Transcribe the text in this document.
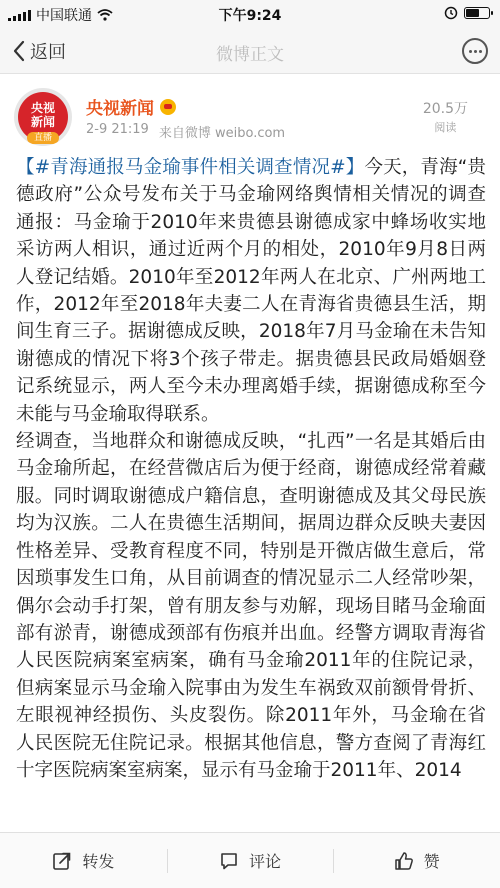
中国联通	下午9:24
返回	微博正文
央视
新闻
直播
央视新闻
2-9 21:19 来自微博 weibo.com
20.5万
阅读

【#青海通报马金瑜事件相关调查情况#】今天，青海“贵德政府”公众号发布关于马金瑜网络舆情相关情况的调查通报：马金瑜于2010年来贵德县谢德成家中蜂场收实地采访两人相识，通过近两个月的相处，2010年9月8日两人登记结婚。2010年至2012年两人在北京、广州两地工作，2012年至2018年夫妻二人在青海省贵德县生活，期间生育三子。据谢德成反映，2018年7月马金瑜在未告知谢德成的情况下将3个孩子带走。据贵德县民政局婚姻登记系统显示，两人至今未办理离婚手续，据谢德成称至今未能与马金瑜取得联系。

经调查，当地群众和谢德成反映，“扎西”一名是其婚后由马金瑜所起，在经营微店后为便于经商，谢德成经常着藏服。同时调取谢德成户籍信息，查明谢德成及其父母民族均为汉族。二人在贵德生活期间，据周边群众反映夫妻因性格差异、受教育程度不同，特别是开微店做生意后，常因琐事发生口角，从目前调查的情况显示二人经常吵架，偶尔会动手打架，曾有朋友参与劝解，现场目睹马金瑜面部有淤青，谢德成颈部有伤痕并出血。经警方调取青海省人民医院病案室病案，确有马金瑜2011年的住院记录，但病案显示马金瑜入院事由为发生车祸致双前额骨骨折、左眼视神经损伤、头皮裂伤。除2011年外，马金瑜在省人民医院无住院记录。根据其他信息，警方查阅了青海红十字医院病案室病案，显示有马金瑜于2011年、2014

转发	评论	赞
